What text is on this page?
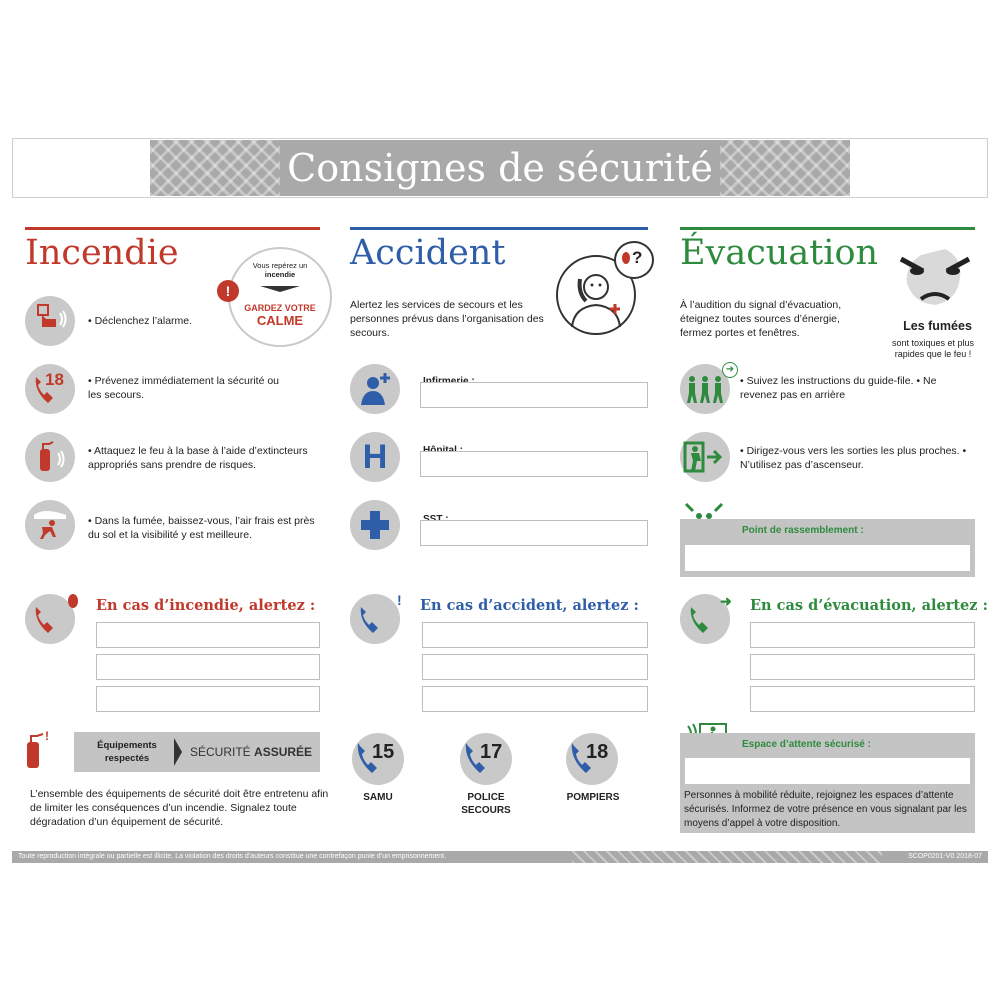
Consignes de sécurité
Incendie	Vous repérez un
incendie
GARDEZ VOTRE
CALME
!
• Déclenchez l’alarme.
18 • Prévenez immédiatement la sécurité ou les secours.
• Attaquez le feu à la base à l’aide d’extincteurs appropriés sans prendre de risques.
• Dans la fumée, baissez-vous, l’air frais est près du sol et la visibilité y est meilleure.
En cas d’incendie, alertez :
!
Équipements respectés	SÉCURITÉ ASSURÉE
L’ensemble des équipements de sécurité doit être entretenu afin de limiter les conséquences d’un incendie. Signalez toute dégradation d’un équipement de sécurité.
Accident	?
Alertez les services de secours et les personnes prévus dans l’organisation des secours.
H
! En cas d’accident, alertez :
15
SAMU
17
POLICE SECOURS
18
POMPIERS
Évacuation
Les fumées
sont toxiques et plus rapides que le feu !
À l’audition du signal d’évacuation, éteignez toutes sources d’énergie, fermez portes et fenêtres.
➜
• Suivez les instructions du guide-file. • Ne revenez pas en arrière
• Dirigez-vous vers les sorties les plus proches. • N’utilisez pas d’ascenseur.
Point de rassemblement :
➜ En cas d’évacuation, alertez :
Espace d’attente sécurisé :
Personnes à mobilité réduite, rejoignez les espaces d’attente sécurisés. Informez de votre présence en vous signalant par les moyens d’appel à votre disposition.
Toute reproduction intégrale ou partielle est illicite. La violation des droits d’auteurs constitue une contrefaçon punie d’un emprisonnement.	SCOP0201-V0 2018-07
